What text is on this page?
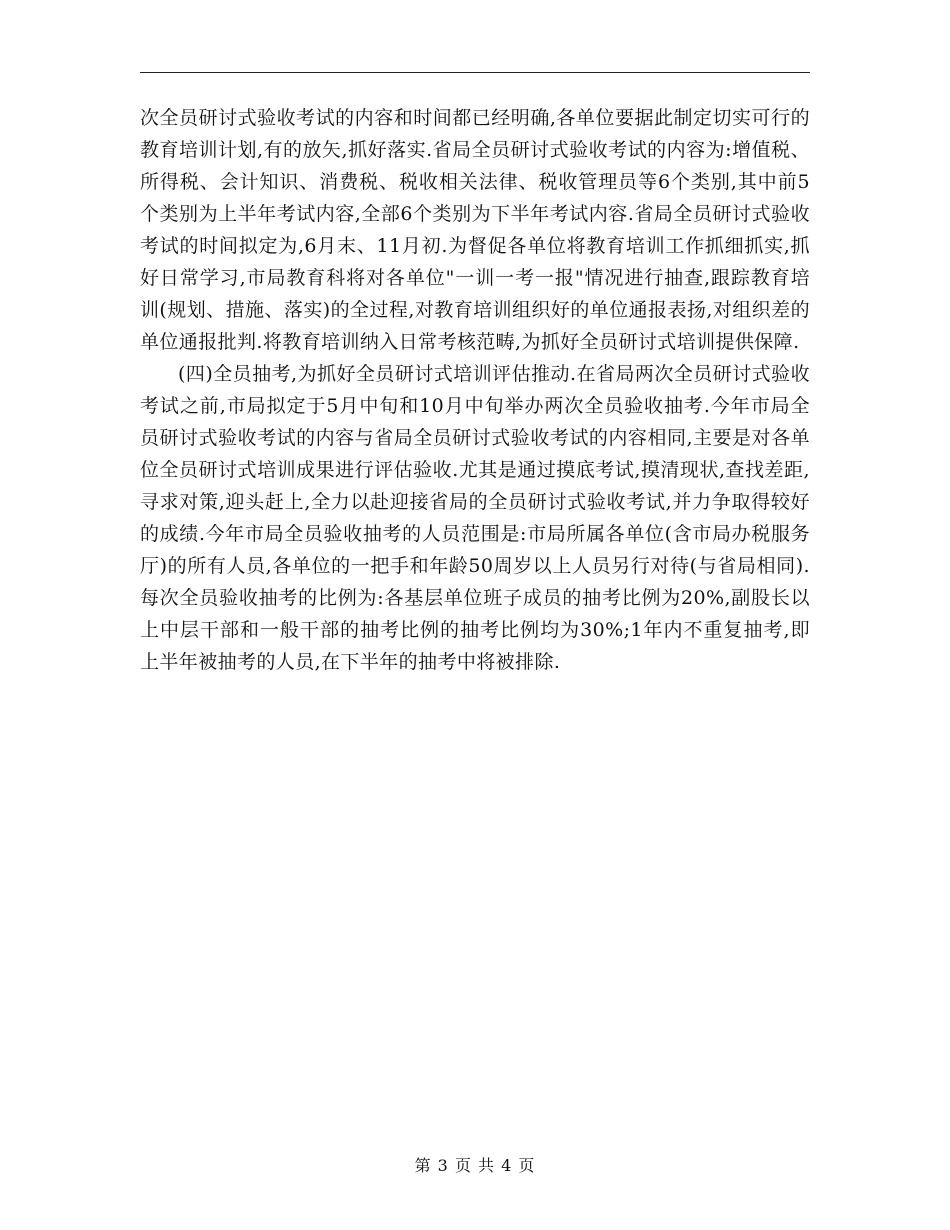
次全员研讨式验收考试的内容和时间都已经明确,各单位要据此制定切实可行的教育培训计划,有的放矢,抓好落实.省局全员研讨式验收考试的内容为:增值税、所得税、会计知识、消费税、税收相关法律、税收管理员等6个类别,其中前5个类别为上半年考试内容,全部6个类别为下半年考试内容.省局全员研讨式验收考试的时间拟定为,6月末、11月初.为督促各单位将教育培训工作抓细抓实,抓好日常学习,市局教育科将对各单位"一训一考一报"情况进行抽查,跟踪教育培训(规划、措施、落实)的全过程,对教育培训组织好的单位通报表扬,对组织差的单位通报批判.将教育培训纳入日常考核范畴,为抓好全员研讨式培训提供保障.

(四)全员抽考,为抓好全员研讨式培训评估推动.在省局两次全员研讨式验收考试之前,市局拟定于5月中旬和10月中旬举办两次全员验收抽考.今年市局全员研讨式验收考试的内容与省局全员研讨式验收考试的内容相同,主要是对各单位全员研讨式培训成果进行评估验收.尤其是通过摸底考试,摸清现状,查找差距,寻求对策,迎头赶上,全力以赴迎接省局的全员研讨式验收考试,并力争取得较好的成绩.今年市局全员验收抽考的人员范围是:市局所属各单位(含市局办税服务厅)的所有人员,各单位的一把手和年龄50周岁以上人员另行对待(与省局相同).每次全员验收抽考的比例为:各基层单位班子成员的抽考比例为20%,副股长以上中层干部和一般干部的抽考比例的抽考比例均为30%;1年内不重复抽考,即上半年被抽考的人员,在下半年的抽考中将被排除.

第 3 页 共 4 页
